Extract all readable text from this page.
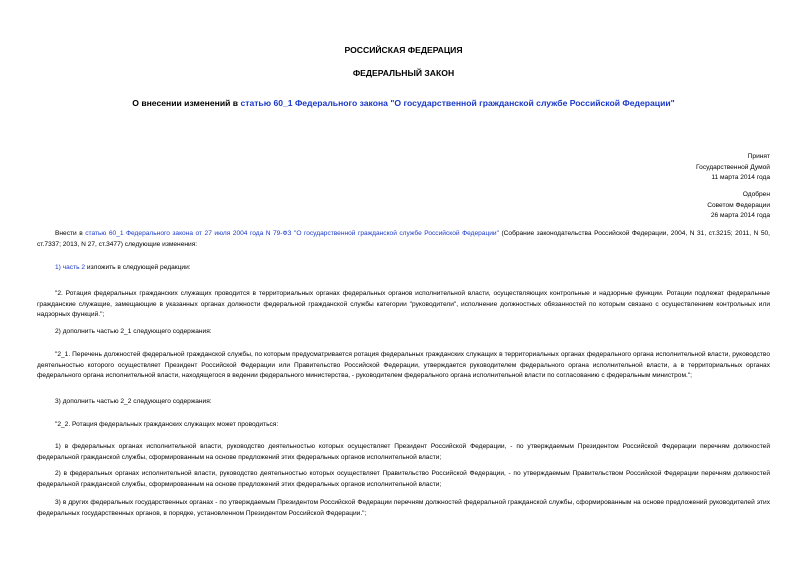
РОССИЙСКАЯ ФЕДЕРАЦИЯ
ФЕДЕРАЛЬНЫЙ ЗАКОН
О внесении изменений в статью 60_1 Федерального закона "О государственной гражданской службе Российской Федерации"
Принят
Государственной Думой
11 марта 2014 года
Одобрен
Советом Федерации
26 марта 2014 года
Внести в статью 60_1 Федерального закона от 27 июля 2004 года N 79-ФЗ "О государственной гражданской службе Российской Федерации" (Собрание законодательства Российской Федерации, 2004, N 31, ст.3215; 2011, N 50, ст.7337; 2013, N 27, ст.3477) следующие изменения:
1) часть 2 изложить в следующей редакции:
"2. Ротация федеральных гражданских служащих проводится в территориальных органах федеральных органов исполнительной власти, осуществляющих контрольные и надзорные функции. Ротации подлежат федеральные гражданские служащие, замещающие в указанных органах должности федеральной гражданской службы категории "руководители", исполнение должностных обязанностей по которым связано с осуществлением контрольных или надзорных функций.";
2) дополнить частью 2_1 следующего содержания:
"2_1. Перечень должностей федеральной гражданской службы, по которым предусматривается ротация федеральных гражданских служащих в территориальных органах федерального органа исполнительной власти, руководство деятельностью которого осуществляет Президент Российской Федерации или Правительство Российской Федерации, утверждается руководителем федерального органа исполнительной власти, а в территориальных органах федерального органа исполнительной власти, находящегося в ведении федерального министерства, - руководителем федерального органа исполнительной власти по согласованию с федеральным министром.";
3) дополнить частью 2_2 следующего содержания:
"2_2. Ротация федеральных гражданских служащих может проводиться:
1) в федеральных органах исполнительной власти, руководство деятельностью которых осуществляет Президент Российской Федерации, - по утверждаемым Президентом Российской Федерации перечням должностей федеральной гражданской службы, сформированным на основе предложений этих федеральных органов исполнительной власти;
2) в федеральных органах исполнительной власти, руководство деятельностью которых осуществляет Правительство Российской Федерации, - по утверждаемым Правительством Российской Федерации перечням должностей федеральной гражданской службы, сформированным на основе предложений этих федеральных органов исполнительной власти;
3) в других федеральных государственных органах - по утверждаемым Президентом Российской Федерации перечням должностей федеральной гражданской службы, сформированным на основе предложений руководителей этих федеральных государственных органов, в порядке, установленном Президентом Российской Федерации.";
